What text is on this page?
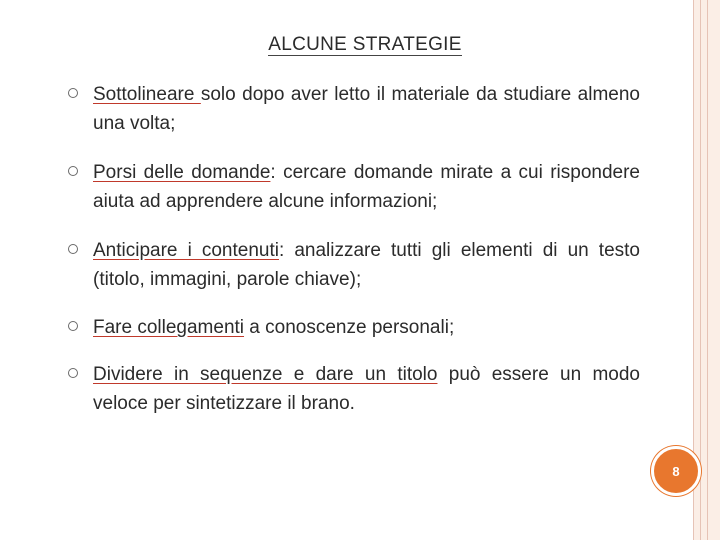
ALCUNE STRATEGIE

Sottolineare solo dopo aver letto il materiale da studiare almeno una volta;

Porsi delle domande: cercare domande mirate a cui rispondere aiuta ad apprendere alcune informazioni;

Anticipare i contenuti: analizzare tutti gli elementi di un testo (titolo, immagini, parole chiave);

Fare collegamenti a conoscenze personali;

Dividere in sequenze e dare un titolo può essere un modo veloce per sintetizzare il brano.

8
